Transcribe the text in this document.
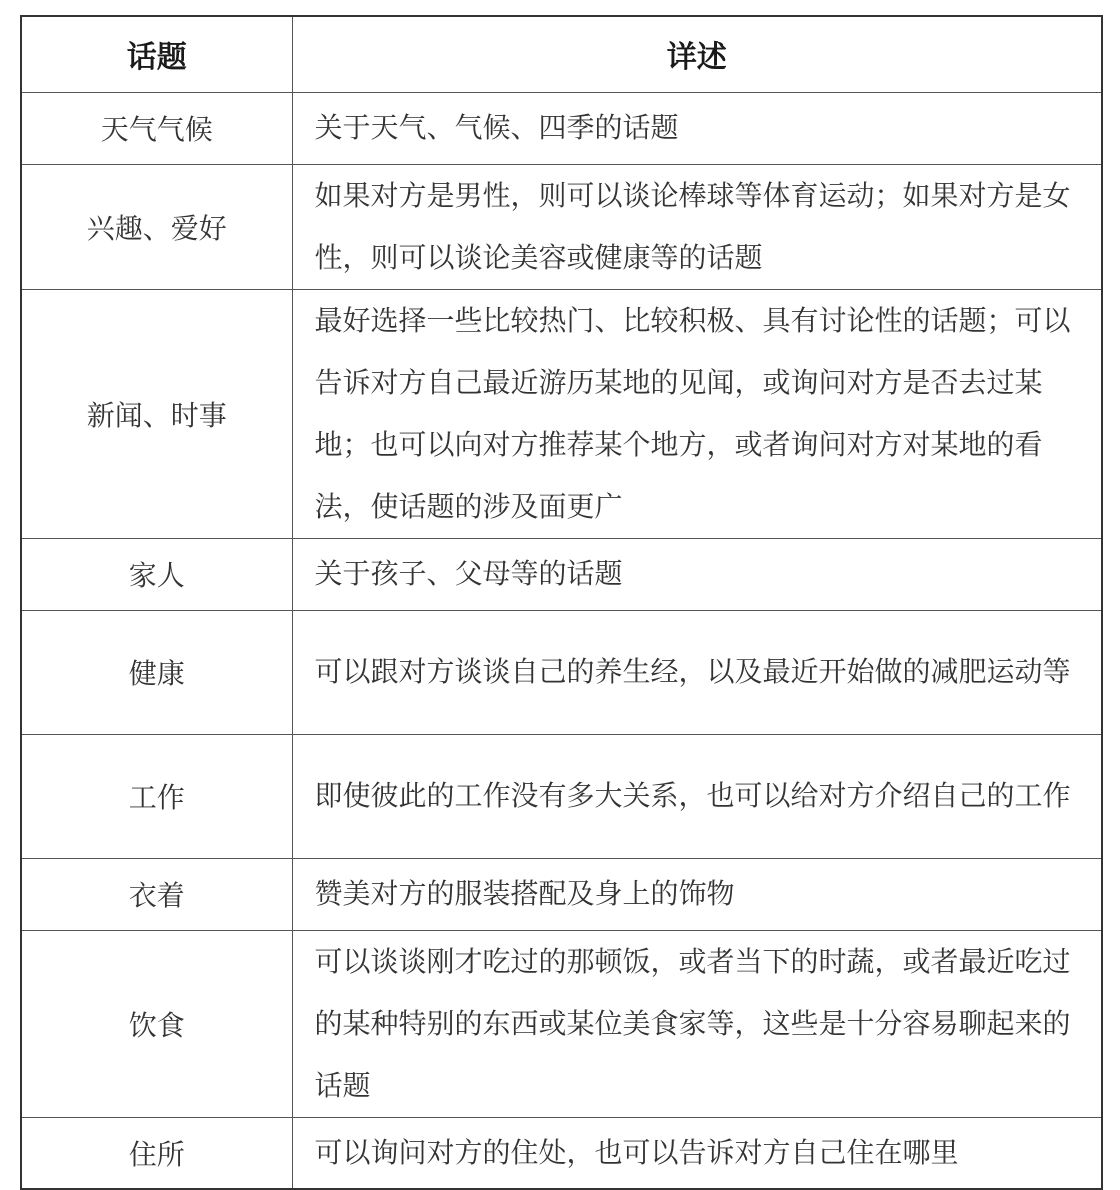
话题	详述
天气气候	关于天气、气候、四季的话题
兴趣、爱好	如果对方是男性，则可以谈论棒球等体育运动；如果对方是女性，则可以谈论美容或健康等的话题
新闻、时事	最好选择一些比较热门、比较积极、具有讨论性的话题；可以告诉对方自己最近游历某地的见闻，或询问对方是否去过某地；也可以向对方推荐某个地方，或者询问对方对某地的看法，使话题的涉及面更广
家人	关于孩子、父母等的话题
健康	可以跟对方谈谈自己的养生经，以及最近开始做的减肥运动等
工作	即使彼此的工作没有多大关系，也可以给对方介绍自己的工作
衣着	赞美对方的服装搭配及身上的饰物
饮食	可以谈谈刚才吃过的那顿饭，或者当下的时蔬，或者最近吃过的某种特别的东西或某位美食家等，这些是十分容易聊起来的话题
住所	可以询问对方的住处，也可以告诉对方自己住在哪里
